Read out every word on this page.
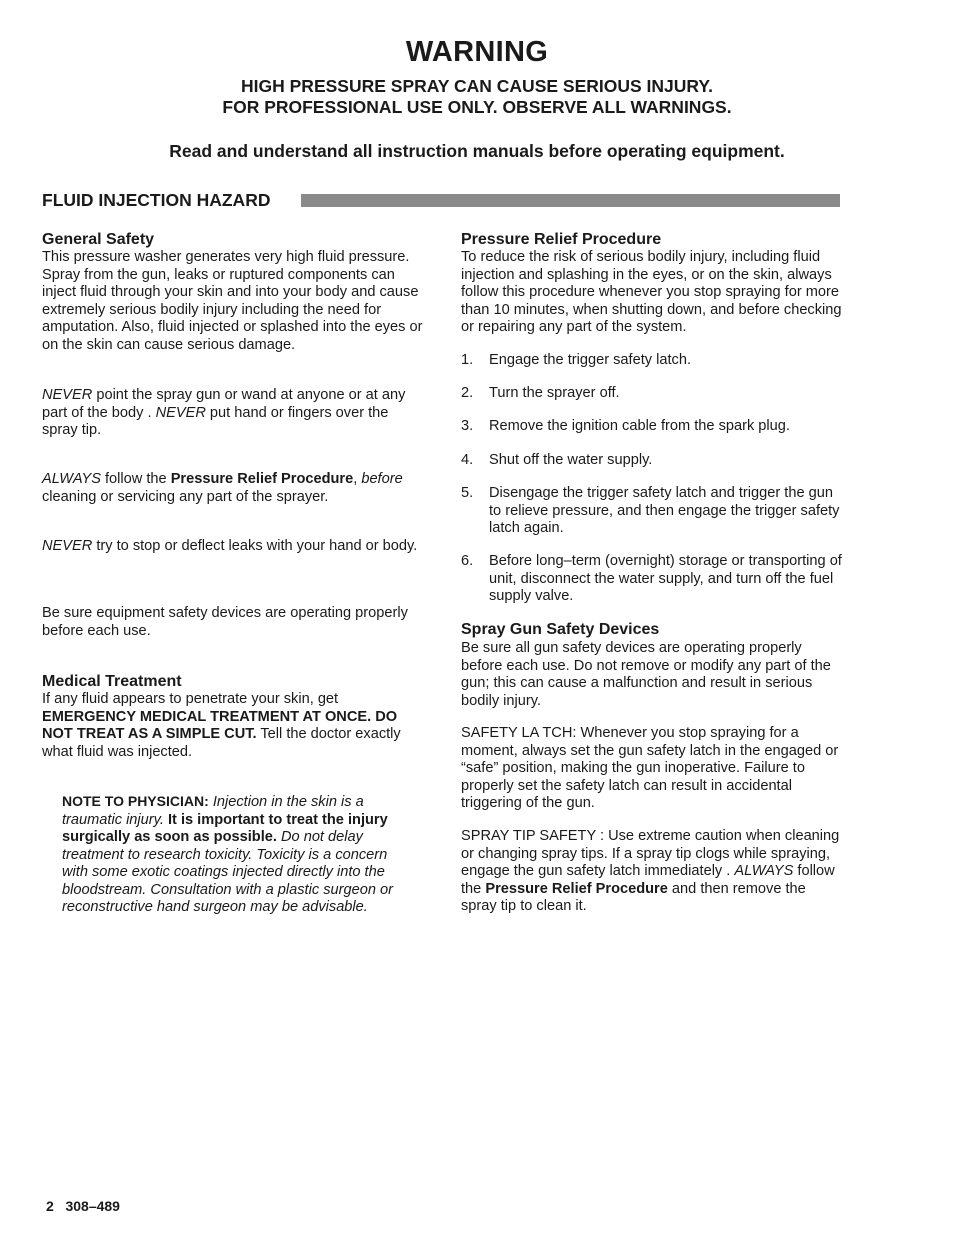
WARNING
HIGH PRESSURE SPRAY CAN CAUSE SERIOUS INJURY.
FOR PROFESSIONAL USE ONLY. OBSERVE ALL WARNINGS.
Read and understand all instruction manuals before operating equipment.
FLUID INJECTION HAZARD
General Safety
This pressure washer generates very high fluid pressure. Spray from the gun, leaks or ruptured components can inject fluid through your skin and into your body and cause extremely serious bodily injury including the need for amputation. Also, fluid injected or splashed into the eyes or on the skin can cause serious damage.
NEVER point the spray gun or wand at anyone or at any part of the body . NEVER put hand or fingers over the spray tip.
ALWAYS follow the Pressure Relief Procedure, before cleaning or servicing any part of the sprayer.
NEVER try to stop or deflect leaks with your hand or body.
Be sure equipment safety devices are operating properly before each use.
Medical Treatment
If any fluid appears to penetrate your skin, get EMERGENCY MEDICAL TREATMENT AT ONCE. DO NOT TREAT AS A SIMPLE CUT. Tell the doctor exactly what fluid was injected.
NOTE TO PHYSICIAN: Injection in the skin is a traumatic injury. It is important to treat the injury surgically as soon as possible. Do not delay treatment to research toxicity. Toxicity is a concern with some exotic coatings injected directly into the bloodstream. Consultation with a plastic surgeon or reconstructive hand surgeon may be advisable.
Pressure Relief Procedure
To reduce the risk of serious bodily injury, including fluid injection and splashing in the eyes, or on the skin, always follow this procedure whenever you stop spraying for more than 10 minutes, when shutting down, and before checking or repairing any part of the system.
1. Engage the trigger safety latch.
2. Turn the sprayer off.
3. Remove the ignition cable from the spark plug.
4. Shut off the water supply.
5. Disengage the trigger safety latch and trigger the gun to relieve pressure, and then engage the trigger safety latch again.
6. Before long–term (overnight) storage or transporting of unit, disconnect the water supply, and turn off the fuel supply valve.
Spray Gun Safety Devices
Be sure all gun safety devices are operating properly before each use. Do not remove or modify any part of the gun; this can cause a malfunction and result in serious bodily injury.
SAFETY LA TCH: Whenever you stop spraying for a moment, always set the gun safety latch in the engaged or “safe” position, making the gun inoperative. Failure to properly set the safety latch can result in accidental triggering of the gun.
SPRAY TIP SAFETY : Use extreme caution when cleaning or changing spray tips. If a spray tip clogs while spraying, engage the gun safety latch immediately . ALWAYS follow the Pressure Relief Procedure and then remove the spray tip to clean it.
2 308–489
